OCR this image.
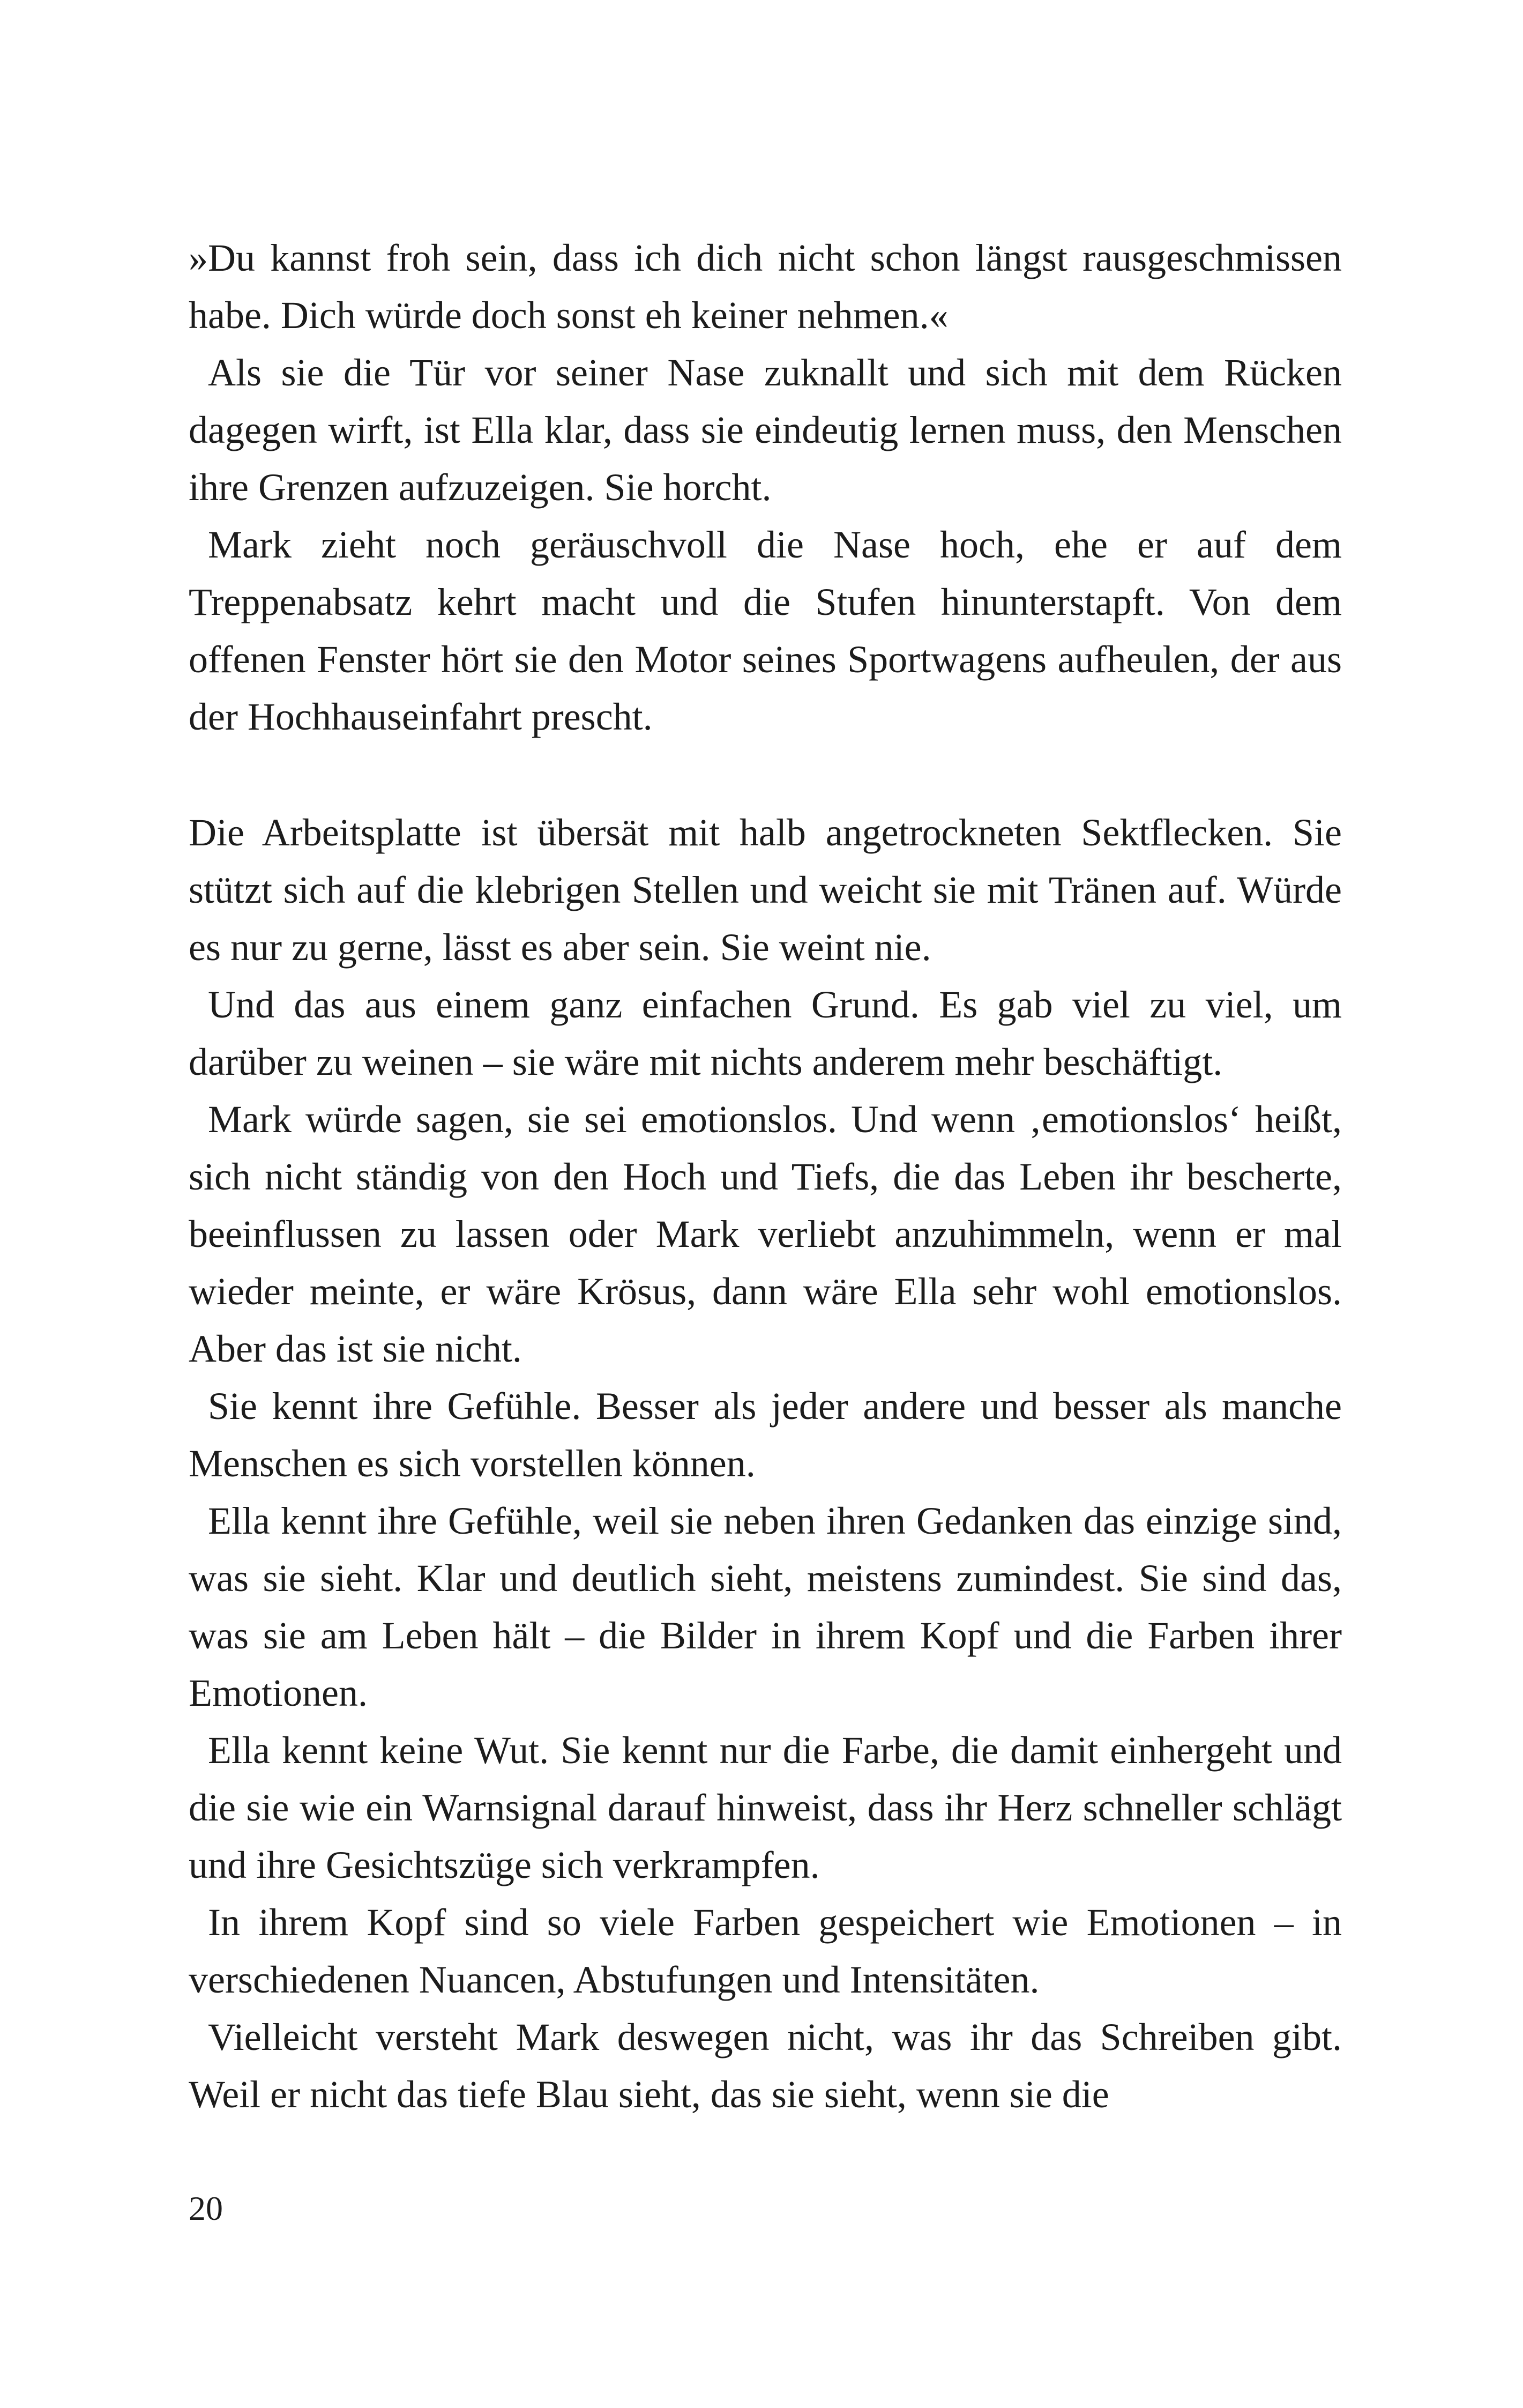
»Du kannst froh sein, dass ich dich nicht schon längst rausgeschmissen habe. Dich würde doch sonst eh keiner nehmen.«

Als sie die Tür vor seiner Nase zuknallt und sich mit dem Rücken dagegen wirft, ist Ella klar, dass sie eindeutig lernen muss, den Menschen ihre Grenzen aufzuzeigen. Sie horcht.

Mark zieht noch geräuschvoll die Nase hoch, ehe er auf dem Treppenabsatz kehrt macht und die Stufen hinunterstapft. Von dem offenen Fenster hört sie den Motor seines Sportwagens aufheulen, der aus der Hochhauseinfahrt prescht.

Die Arbeitsplatte ist übersät mit halb angetrockneten Sektflecken. Sie stützt sich auf die klebrigen Stellen und weicht sie mit Tränen auf. Würde es nur zu gerne, lässt es aber sein. Sie weint nie.

Und das aus einem ganz einfachen Grund. Es gab viel zu viel, um darüber zu weinen – sie wäre mit nichts anderem mehr beschäftigt.

Mark würde sagen, sie sei emotionslos. Und wenn ‚emotionslos‘ heißt, sich nicht ständig von den Hoch und Tiefs, die das Leben ihr bescherte, beeinflussen zu lassen oder Mark verliebt anzuhimmeln, wenn er mal wieder meinte, er wäre Krösus, dann wäre Ella sehr wohl emotionslos. Aber das ist sie nicht.

Sie kennt ihre Gefühle. Besser als jeder andere und besser als manche Menschen es sich vorstellen können.

Ella kennt ihre Gefühle, weil sie neben ihren Gedanken das einzige sind, was sie sieht. Klar und deutlich sieht, meistens zumindest. Sie sind das, was sie am Leben hält – die Bilder in ihrem Kopf und die Farben ihrer Emotionen.

Ella kennt keine Wut. Sie kennt nur die Farbe, die damit einhergeht und die sie wie ein Warnsignal darauf hinweist, dass ihr Herz schneller schlägt und ihre Gesichtszüge sich verkrampfen.

In ihrem Kopf sind so viele Farben gespeichert wie Emotionen – in verschiedenen Nuancen, Abstufungen und Intensitäten.

Vielleicht versteht Mark deswegen nicht, was ihr das Schreiben gibt. Weil er nicht das tiefe Blau sieht, das sie sieht, wenn sie die

20
